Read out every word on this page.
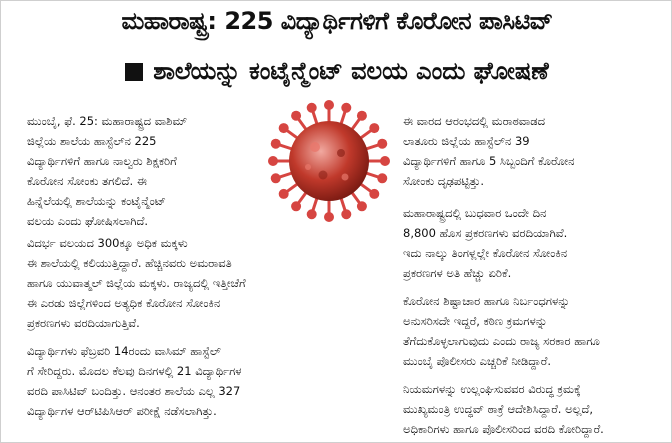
ಮಹಾರಾಷ್ಟ್ರ: 225 ವಿದ್ಯಾರ್ಥಿಗಳಿಗೆ ಕೊರೋನ ಪಾಸಿಟಿವ್
ಶಾಲೆಯನ್ನು ಕಂಟೈನ್ಮೆಂಟ್ ವಲಯ ಎಂದು ಘೋಷಣೆ

ಮುಂಬೈ, ಫೆ. 25: ಮಹಾರಾಷ್ಟ್ರದ ವಾಶಿಮ್

ಜಿಲ್ಲೆಯ ಶಾಲೆಯ ಹಾಸ್ಟೆಲ್‌ನ 225

ವಿದ್ಯಾರ್ಥಿಗಳಿಗೆ ಹಾಗೂ ನಾಲ್ವರು ಶಿಕ್ಷಕರಿಗೆ

ಕೊರೋನ ಸೋಂಕು ತಗಲಿದೆ. ಈ

ಹಿನ್ನೆಲೆಯಲ್ಲಿ ಶಾಲೆಯನ್ನು ಕಂಟೈನ್ಮೆಂಟ್

ವಲಯ ಎಂದು ಘೋಷಿಸಲಾಗಿದೆ.

ವಿದರ್ಭ ವಲಯದ 300ಕ್ಕೂ ಅಧಿಕ ಮಕ್ಕಳು

ಈ ಶಾಲೆಯಲ್ಲಿ ಕಲಿಯುತ್ತಿದ್ದಾರೆ. ಹೆಚ್ಚಿನವರು ಅಮರಾವತಿ

ಹಾಗೂ ಯುವಾತ್ಮಲ್ ಜಿಲ್ಲೆಯ ಮಕ್ಕಳು. ರಾಜ್ಯದಲ್ಲಿ ಇತ್ತೀಚೆಗೆ

ಈ ಎರಡು ಜಿಲ್ಲೆಗಳಿಂದ ಅತ್ಯಧಿಕ ಕೊರೋನ ಸೋಂಕಿನ

ಪ್ರಕರಣಗಳು ವರದಿಯಾಗುತ್ತಿವೆ.

ವಿದ್ಯಾರ್ಥಿಗಳು ಫೆಬ್ರವರಿ 14ರಂದು ವಾಸಿಮ್ ಹಾಸ್ಟೆಲ್

ಗೆ ಸೇರಿದ್ದರು. ಮೊದಲ ಕೆಲವು ದಿನಗಳಲ್ಲಿ 21 ವಿದ್ಯಾರ್ಥಿಗಳ

ವರದಿ ಪಾಸಿಟಿವ್ ಬಂದಿತ್ತು. ಆನಂತರ ಶಾಲೆಯ ಎಲ್ಲ 327

ವಿದ್ಯಾರ್ಥಿಗಳ ಆರ್‌ಟಿಪಿಸಿಆರ್ ಪರೀಕ್ಷೆ ನಡೆಸಲಾಗಿತ್ತು.

ಈ ವಾರದ ಆರಂಭದಲ್ಲಿ ಮರಾಠವಾಡದ

ಲಾತೂರು ಜಿಲ್ಲೆಯ ಹಾಸ್ಟೆಲ್‌ನ 39

ವಿದ್ಯಾರ್ಥಿಗಳಿಗೆ ಹಾಗೂ 5 ಸಿಬ್ಬಂದಿಗೆ ಕೊರೋನ

ಸೋಂಕು ದೃಢಪಟ್ಟಿತ್ತು.

ಮಹಾರಾಷ್ಟ್ರದಲ್ಲಿ ಬುಧವಾರ ಒಂದೇ ದಿನ

8,800 ಹೊಸ ಪ್ರಕರಣಗಳು ವರದಿಯಾಗಿವೆ.

ಇದು ನಾಲ್ಕು ತಿಂಗಳ್ಲಲ್ಲೇ ಕೊರೋನ ಸೋಂಕಿನ

ಪ್ರಕರಣಗಳ ಅತಿ ಹೆಚ್ಚು ಏರಿಕೆ.

ಕೊರೋನ ಶಿಷ್ಟಾಚಾರ ಹಾಗೂ ನಿರ್ಬಂಧಗಳನ್ನು

ಅನುಸರಿಸದೇ ಇದ್ದರೆ, ಕಠಿಣ ಕ್ರಮಗಳನ್ನು

ತೆಗೆದುಕೊಳ್ಳಲಾಗುವುದು ಎಂದು ರಾಜ್ಯ ಸರಕಾರ ಹಾಗೂ

ಮುಂಬೈ ಪೊಲೀಸರು ಎಚ್ಚರಿಕೆ ನೀಡಿದ್ದಾರೆ.

ನಿಯಮಗಳನ್ನು ಉಲ್ಲಂಘಿಸುವವರ ವಿರುದ್ಧ ಕ್ರಮಕ್ಕೆ

ಮುಖ್ಯಮಂತ್ರಿ ಉದ್ಧವ್ ಠಾಕ್ರೆ ಆದೇಶಿಸಿದ್ದಾರೆ. ಅಲ್ಲದೆ,

ಅಧಿಕಾರಿಗಳು ಹಾಗೂ ಪೊಲೀಸರಿಂದ ವರದಿ ಕೋರಿದ್ದಾರೆ.
